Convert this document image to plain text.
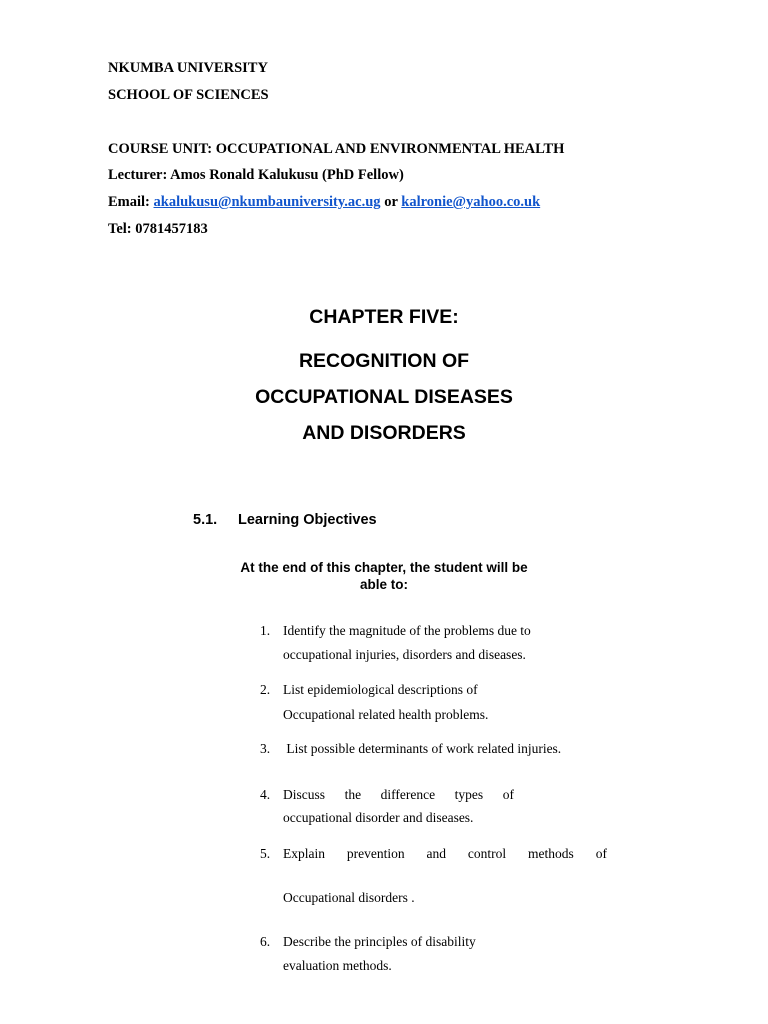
NKUMBA UNIVERSITY
SCHOOL OF SCIENCES
COURSE UNIT: OCCUPATIONAL AND ENVIRONMENTAL HEALTH
Lecturer: Amos Ronald Kalukusu (PhD Fellow)
Email: akalukusu@nkumbauniversity.ac.ug or kalronie@yahoo.co.uk
Tel: 0781457183
CHAPTER FIVE:
RECOGNITION OF
OCCUPATIONAL DISEASES
AND DISORDERS
5.1. Learning Objectives
At the end of this chapter, the student will be
able to:
1. Identify the magnitude of the problems due to
occupational injuries, disorders and diseases.
2. List epidemiological descriptions of
Occupational related health problems.
3. List possible determinants of work related injuries.
4. Discuss the difference types of
occupational disorder and diseases.
5. Explain prevention and control methods of
Occupational disorders .
6. Describe the principles of disability
evaluation methods.
